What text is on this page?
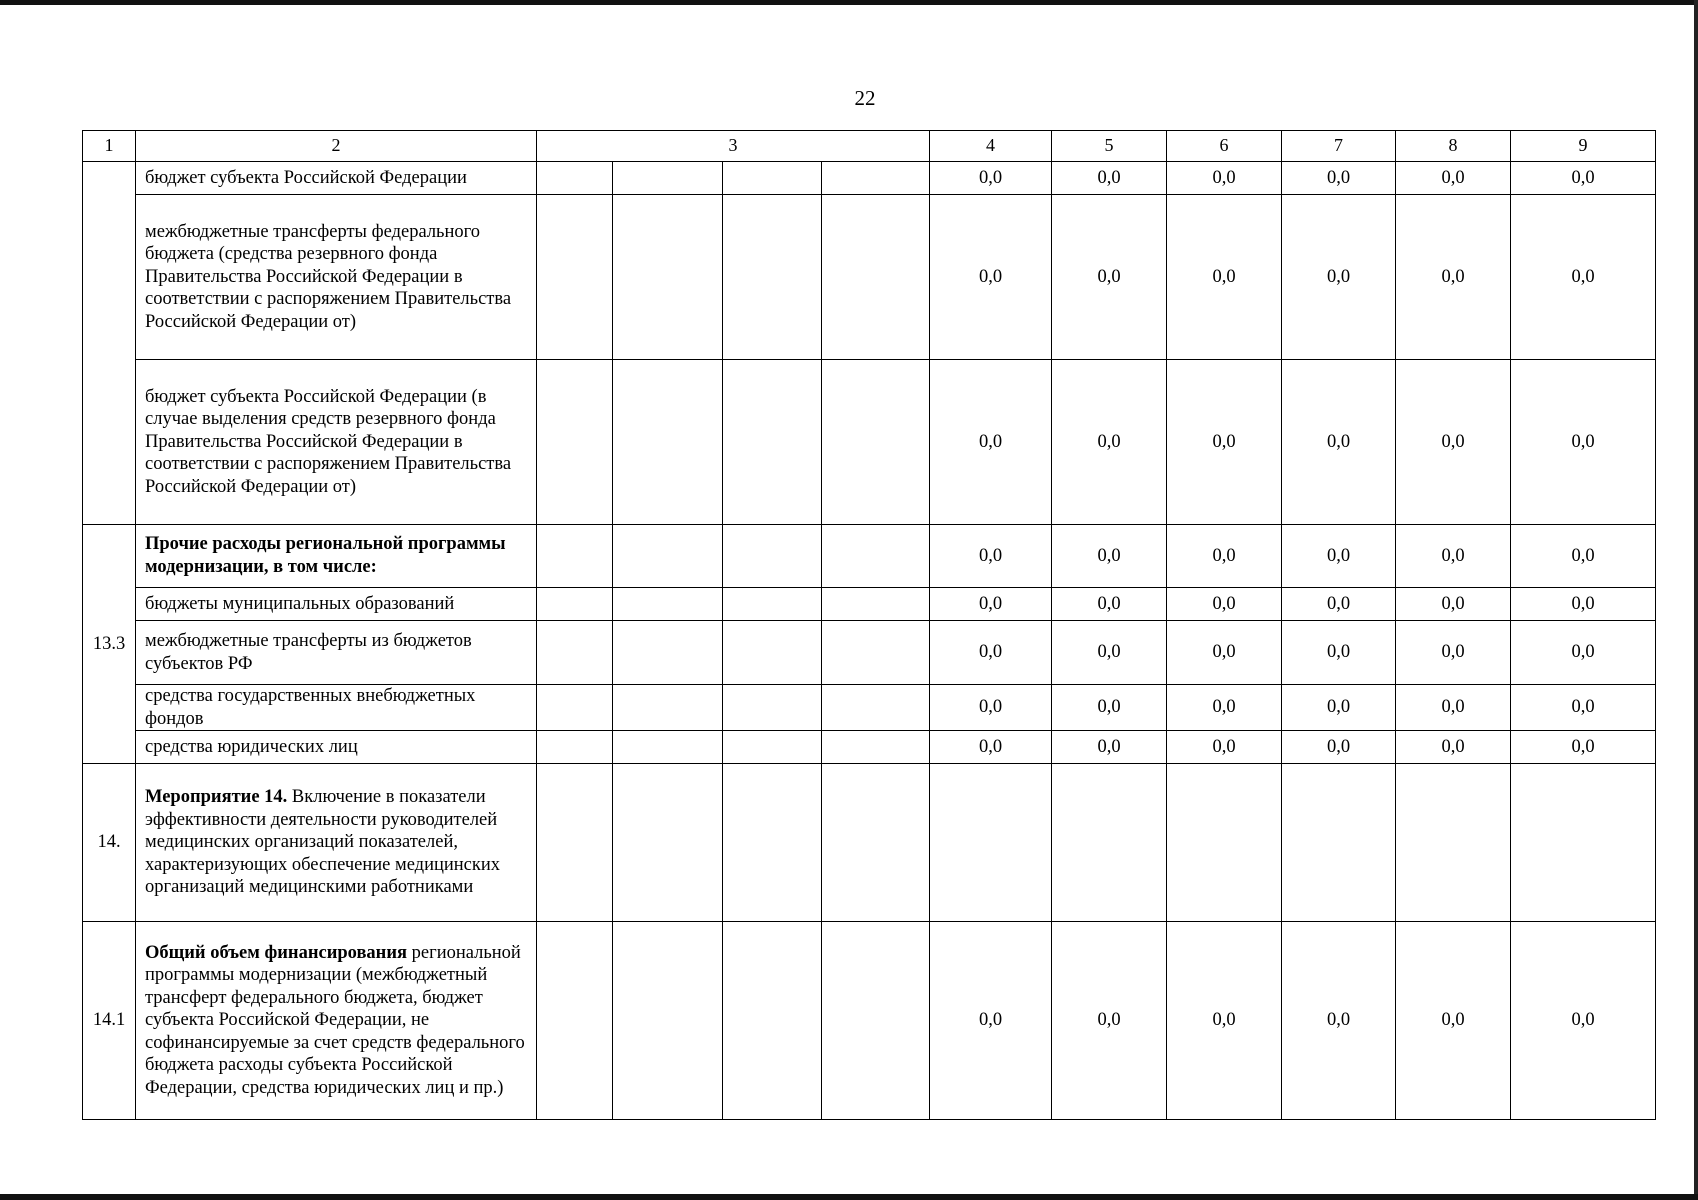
22
1	2	3				4	5	6	7	8	9
	бюджет субъекта Российской Федерации					0,0	0,0	0,0	0,0	0,0	0,0
	межбюджетные трансферты федерального бюджета (средства резервного фонда Правительства Российской Федерации в соответствии с распоряжением Правительства Российской Федерации от)					0,0	0,0	0,0	0,0	0,0	0,0
	бюджет субъекта Российской Федерации (в случае выделения средств резервного фонда Правительства Российской Федерации в соответствии с распоряжением Правительства Российской Федерации от)					0,0	0,0	0,0	0,0	0,0	0,0
13.3	Прочие расходы региональной программы модернизации, в том числе:					0,0	0,0	0,0	0,0	0,0	0,0
	бюджеты муниципальных образований					0,0	0,0	0,0	0,0	0,0	0,0
	межбюджетные трансферты из бюджетов субъектов РФ					0,0	0,0	0,0	0,0	0,0	0,0
	средства государственных внебюджетных фондов					0,0	0,0	0,0	0,0	0,0	0,0
	средства юридических лиц					0,0	0,0	0,0	0,0	0,0	0,0
14.	Мероприятие 14. Включение в показатели эффективности деятельности руководителей медицинских организаций показателей, характеризующих обеспечение медицинских организаций медицинскими работниками										
14.1	Общий объем финансирования региональной программы модернизации (межбюджетный трансферт федерального бюджета, бюджет субъекта Российской Федерации, не софинансируемые за счет средств федерального бюджета расходы субъекта Российской Федерации, средства юридических лиц и пр.)					0,0	0,0	0,0	0,0	0,0	0,0
